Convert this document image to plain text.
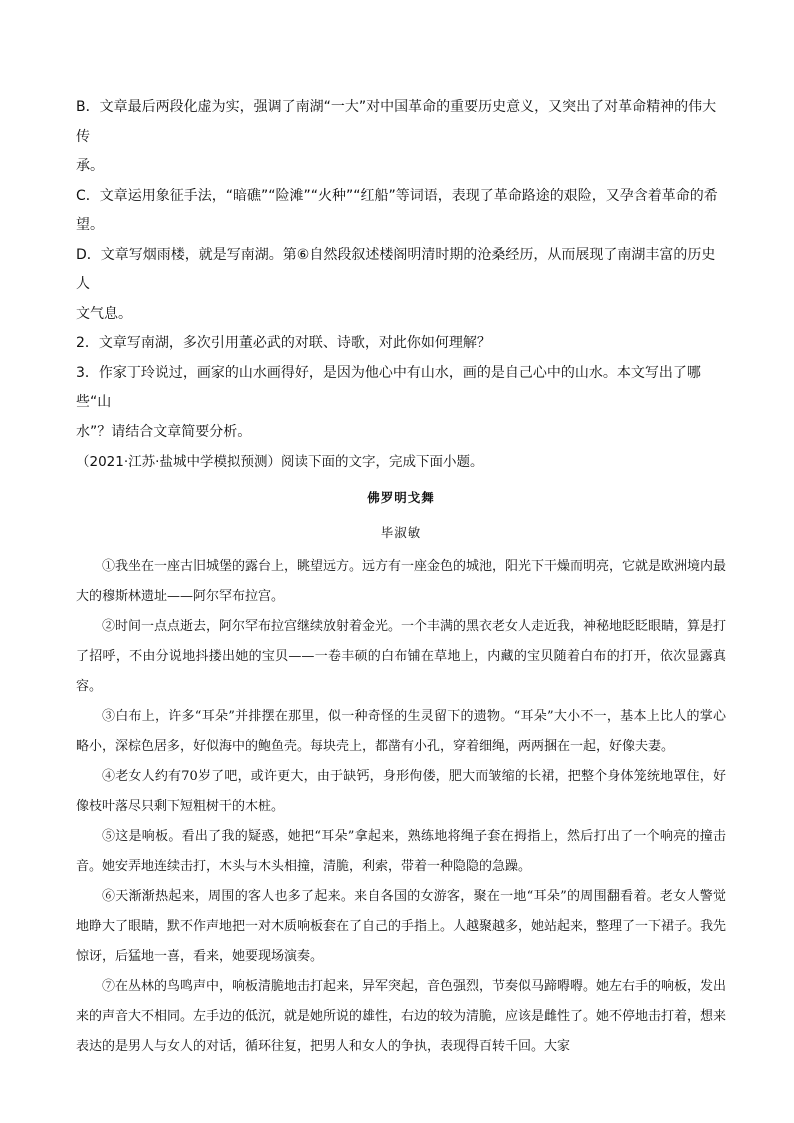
B．文章最后两段化虚为实，强调了南湖“一大”对中国革命的重要历史意义，又突出了对革命精神的伟大传
承。

C．文章运用象征手法，“暗礁”“险滩”“火种”“红船”等词语，表现了革命路途的艰险，又孕含着革命的希望。

D．文章写烟雨楼，就是写南湖。第⑥自然段叙述楼阁明清时期的沧桑经历，从而展现了南湖丰富的历史人
文气息。

2．文章写南湖，多次引用董必武的对联、诗歌，对此你如何理解？

3．作家丁玲说过，画家的山水画得好，是因为他心中有山水，画的是自己心中的山水。本文写出了哪些“山
水”？请结合文章简要分析。

（2021·江苏·盐城中学模拟预测）阅读下面的文字，完成下面小题。

佛罗明戈舞

毕淑敏

①我坐在一座古旧城堡的露台上，眺望远方。远方有一座金色的城池，阳光下干燥而明亮，它就是欧洲境内最大的穆斯林遗址——阿尔罕布拉宫。

②时间一点点逝去，阿尔罕布拉宫继续放射着金光。一个丰满的黑衣老女人走近我，神秘地眨眨眼睛，算是打了招呼，不由分说地抖搂出她的宝贝——一卷丰硕的白布铺在草地上，内藏的宝贝随着白布的打开，依次显露真容。

③白布上，许多“耳朵”并排摆在那里，似一种奇怪的生灵留下的遗物。“耳朵”大小不一，基本上比人的掌心略小，深棕色居多，好似海中的鲍鱼壳。每块壳上，都凿有小孔，穿着细绳，两两捆在一起，好像夫妻。

④老女人约有70岁了吧，或许更大，由于缺钙，身形佝偻，肥大而皱缩的长裙，把整个身体笼统地罩住，好像枝叶落尽只剩下短粗树干的木桩。

⑤这是响板。看出了我的疑惑，她把“耳朵”拿起来，熟练地将绳子套在拇指上，然后打出了一个响亮的撞击音。她安弄地连续击打，木头与木头相撞，清脆，利索，带着一种隐隐的急躁。

⑥天渐渐热起来，周围的客人也多了起来。来自各国的女游客，聚在一地“耳朵”的周围翻看着。老女人警觉地睁大了眼睛，默不作声地把一对木质响板套在了自己的手指上。人越聚越多，她站起来，整理了一下裙子。我先惊讶，后猛地一喜，看来，她要现场演奏。

⑦在丛林的鸟鸣声中，响板清脆地击打起来，异军突起，音色强烈，节奏似马蹄嘚嘚。她左右手的响板，发出来的声音大不相同。左手边的低沉，就是她所说的雄性，右边的较为清脆，应该是雌性了。她不停地击打着，想来表达的是男人与女人的对话，循环往复，把男人和女人的争执，表现得百转千回。大家
